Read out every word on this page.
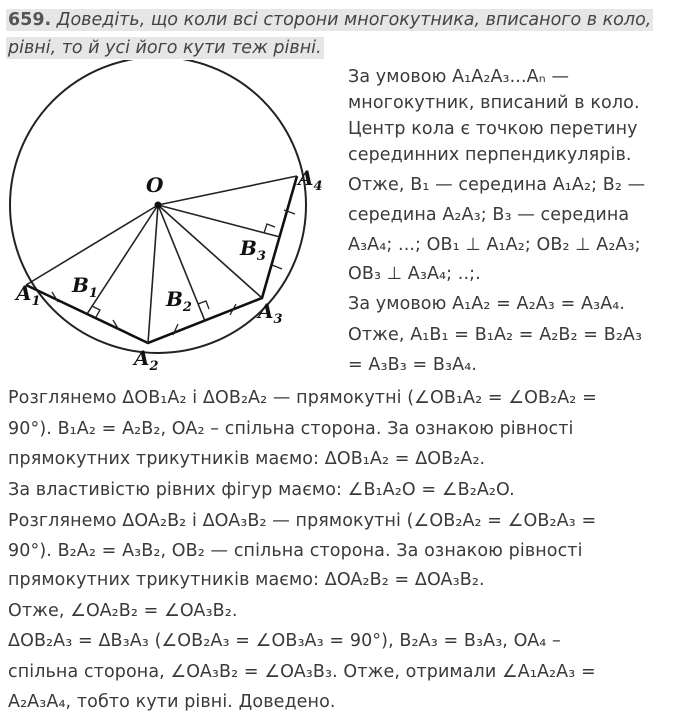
659. Доведіть, що коли всі сторони многокутника, вписаного в коло,
рівні, то й усі його кути теж рівні.
O	$A_4$
$B_3$
$A_1$
$B_1$	$B_2$	$A_3$
$A_2$
За умовою A₁A₂A₃...Aₙ —
многокутник, вписаний в коло.
Центр кола є точкою перетину
серединних перпендикулярів.
Отже, B₁ — середина A₁A₂; B₂ —
середина A₂A₃; B₃ — середина
A₃A₄; ...; OB₁ ⊥ A₁A₂; OB₂ ⊥ A₂A₃;
OB₃ ⊥ A₃A₄; ..;.
За умовою A₁A₂ = A₂A₃ = A₃A₄.
Отже, A₁B₁ = B₁A₂ = A₂B₂ = B₂A₃
= A₃B₃ = B₃A₄.
Розглянемо ΔOB₁A₂ і ΔOB₂A₂ — прямокутні (∠OB₁A₂ = ∠OB₂A₂ =
90°). B₁A₂ = A₂B₂, OA₂ – спільна сторона. За ознакою рівності
прямокутних трикутників маємо: ΔOB₁A₂ = ΔOB₂A₂.
За властивістю рівних фігур маємо: ∠B₁A₂O = ∠B₂A₂O.
Розглянемо ΔOA₂B₂ і ΔOA₃B₂ — прямокутні (∠OB₂A₂ = ∠OB₂A₃ =
90°). B₂A₂ = A₃B₂, OB₂ — спільна сторона. За ознакою рівності
прямокутних трикутників маємо: ΔOA₂B₂ = ΔOA₃B₂.
Отже, ∠OA₂B₂ = ∠OA₃B₂.
ΔOB₂A₃ = ΔB₃A₃ (∠OB₂A₃ = ∠OB₃A₃ = 90°), B₂A₃ = B₃A₃, OA₄ –
спільна сторона, ∠OA₃B₂ = ∠OA₃B₃. Отже, отримали ∠A₁A₂A₃ =
A₂A₃A₄, тобто кути рівні. Доведено.
